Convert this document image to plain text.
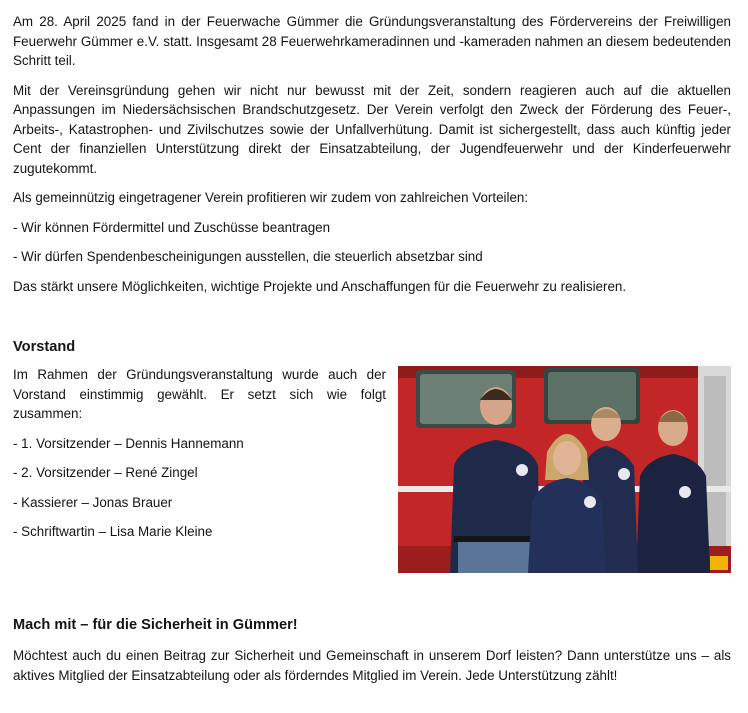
Am 28. April 2025 fand in der Feuerwache Gümmer die Gründungsveranstaltung des Fördervereins der Freiwilligen Feuerwehr Gümmer e.V. statt. Insgesamt 28 Feuerwehrkameradinnen und -kameraden nahmen an diesem bedeutenden Schritt teil.

Mit der Vereinsgründung gehen wir nicht nur bewusst mit der Zeit, sondern reagieren auch auf die aktuellen Anpassungen im Niedersächsischen Brandschutzgesetz. Der Verein verfolgt den Zweck der Förderung des Feuer-, Arbeits-, Katastrophen- und Zivilschutzes sowie der Unfallverhütung. Damit ist sichergestellt, dass auch künftig jeder Cent der finanziellen Unterstützung direkt der Einsatzabteilung, der Jugendfeuerwehr und der Kinderfeuerwehr zugutekommt.

Als gemeinnützig eingetragener Verein profitieren wir zudem von zahlreichen Vorteilen:

- Wir können Fördermittel und Zuschüsse beantragen

- Wir dürfen Spendenbescheinigungen ausstellen, die steuerlich absetzbar sind

Das stärkt unsere Möglichkeiten, wichtige Projekte und Anschaffungen für die Feuerwehr zu realisieren.

Vorstand

Im Rahmen der Gründungsveranstaltung wurde auch der Vorstand einstimmig gewählt. Er setzt sich wie folgt zusammen:

- 1. Vorsitzender – Dennis Hannemann

- 2. Vorsitzender – René Zingel

- Kassierer – Jonas Brauer

- Schriftwartin – Lisa Marie Kleine

Mach mit – für die Sicherheit in Gümmer!

Möchtest auch du einen Beitrag zur Sicherheit und Gemeinschaft in unserem Dorf leisten? Dann unterstütze uns – als aktives Mitglied der Einsatzabteilung oder als förderndes Mitglied im Verein. Jede Unterstützung zählt!
